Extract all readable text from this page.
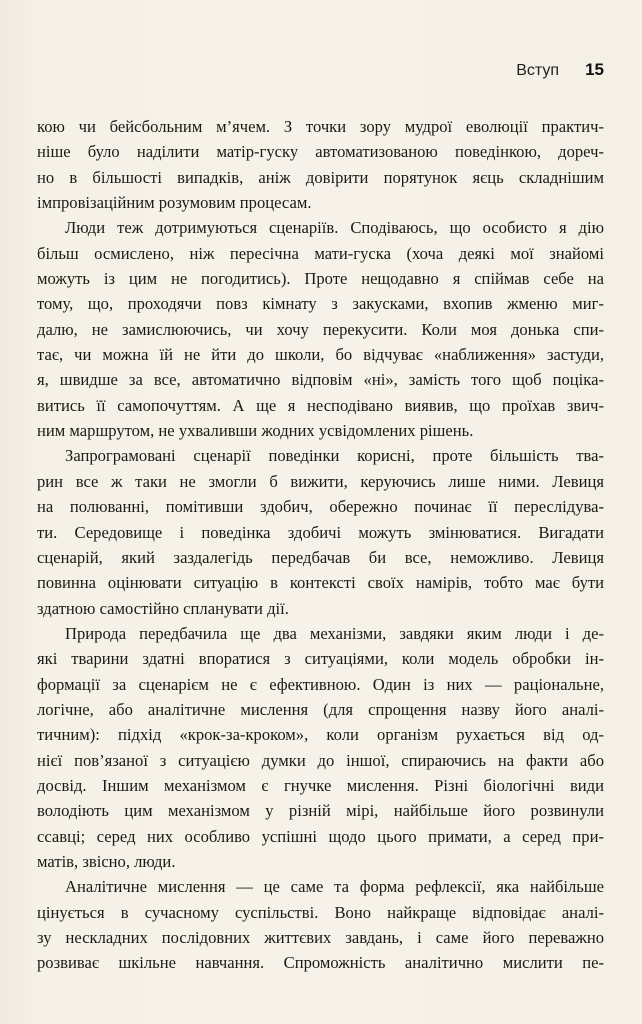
Вступ 15
кою чи бейсбольним м’ячем. З точки зору мудрої еволюції практич-
ніше було наділити матір-гуску автоматизованою поведінкою, дореч-
но в більшості випадків, аніж довірити порятунок яєць складнішим
імпровізаційним розумовим процесам.
Люди теж дотримуються сценаріїв. Сподіваюсь, що особисто я дію
більш осмислено, ніж пересічна мати-гуска (хоча деякі мої знайомі
можуть із цим не погодитись). Проте нещодавно я спіймав себе на
тому, що, проходячи повз кімнату з закусками, вхопив жменю миг-
далю, не замислюючись, чи хочу перекусити. Коли моя донька спи-
тає, чи можна їй не йти до школи, бо відчуває «наближення» застуди,
я, швидше за все, автоматично відповім «ні», замість того щоб поціка-
витись її самопочуттям. А ще я несподівано виявив, що проїхав звич-
ним маршрутом, не ухваливши жодних усвідомлених рішень.
Запрограмовані сценарії поведінки корисні, проте більшість тва-
рин все ж таки не змогли б вижити, керуючись лише ними. Левиця
на полюванні, помітивши здобич, обережно починає її переслідува-
ти. Середовище і поведінка здобичі можуть змінюватися. Вигадати
сценарій, який заздалегідь передбачав би все, неможливо. Левиця
повинна оцінювати ситуацію в контексті своїх намірів, тобто має бути
здатною самостійно спланувати дії.
Природа передбачила ще два механізми, завдяки яким люди і де-
які тварини здатні впоратися з ситуаціями, коли модель обробки ін-
формації за сценарієм не є ефективною. Один із них — раціональне,
логічне, або аналітичне мислення (для спрощення назву його аналі-
тичним): підхід «крок-за-кроком», коли організм рухається від од-
нієї пов’язаної з ситуацією думки до іншої, спираючись на факти або
досвід. Іншим механізмом є гнучке мислення. Різні біологічні види
володіють цим механізмом у різній мірі, найбільше його розвинули
ссавці; серед них особливо успішні щодо цього примати, а серед при-
матів, звісно, люди.
Аналітичне мислення — це саме та форма рефлексії, яка найбільше
цінується в сучасному суспільстві. Воно найкраще відповідає аналі-
зу нескладних послідовних життєвих завдань, і саме його переважно
розвиває шкільне навчання. Спроможність аналітично мислити пе-
